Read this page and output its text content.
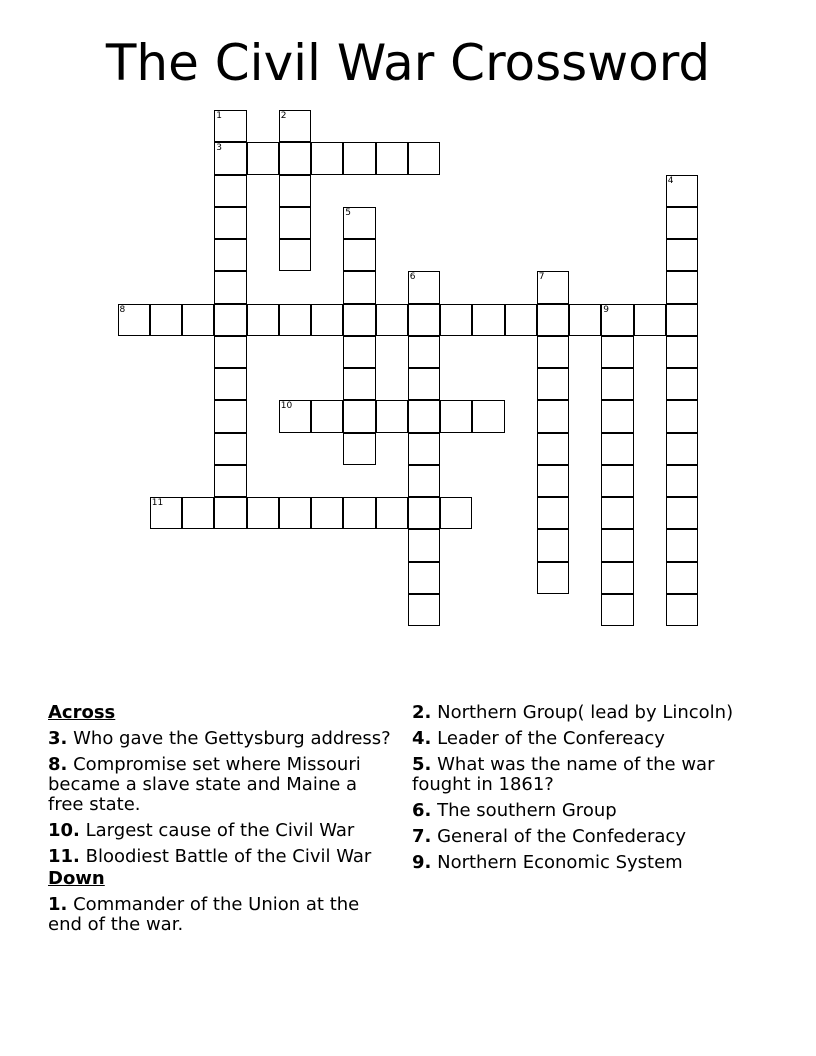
The Civil War Crossword
3
8	9
10
11
1	2
4
5
6	7
Across
3. Who gave the Gettysburg address?
8. Compromise set where Missouri became a slave state and Maine a free state.
10. Largest cause of the Civil War
11. Bloodiest Battle of the Civil War
Down
1. Commander of the Union at the end of the war.
2. Northern Group( lead by Lincoln)
4. Leader of the Confereacy
5. What was the name of the war fought in 1861?
6. The southern Group
7. General of the Confederacy
9. Northern Economic System
